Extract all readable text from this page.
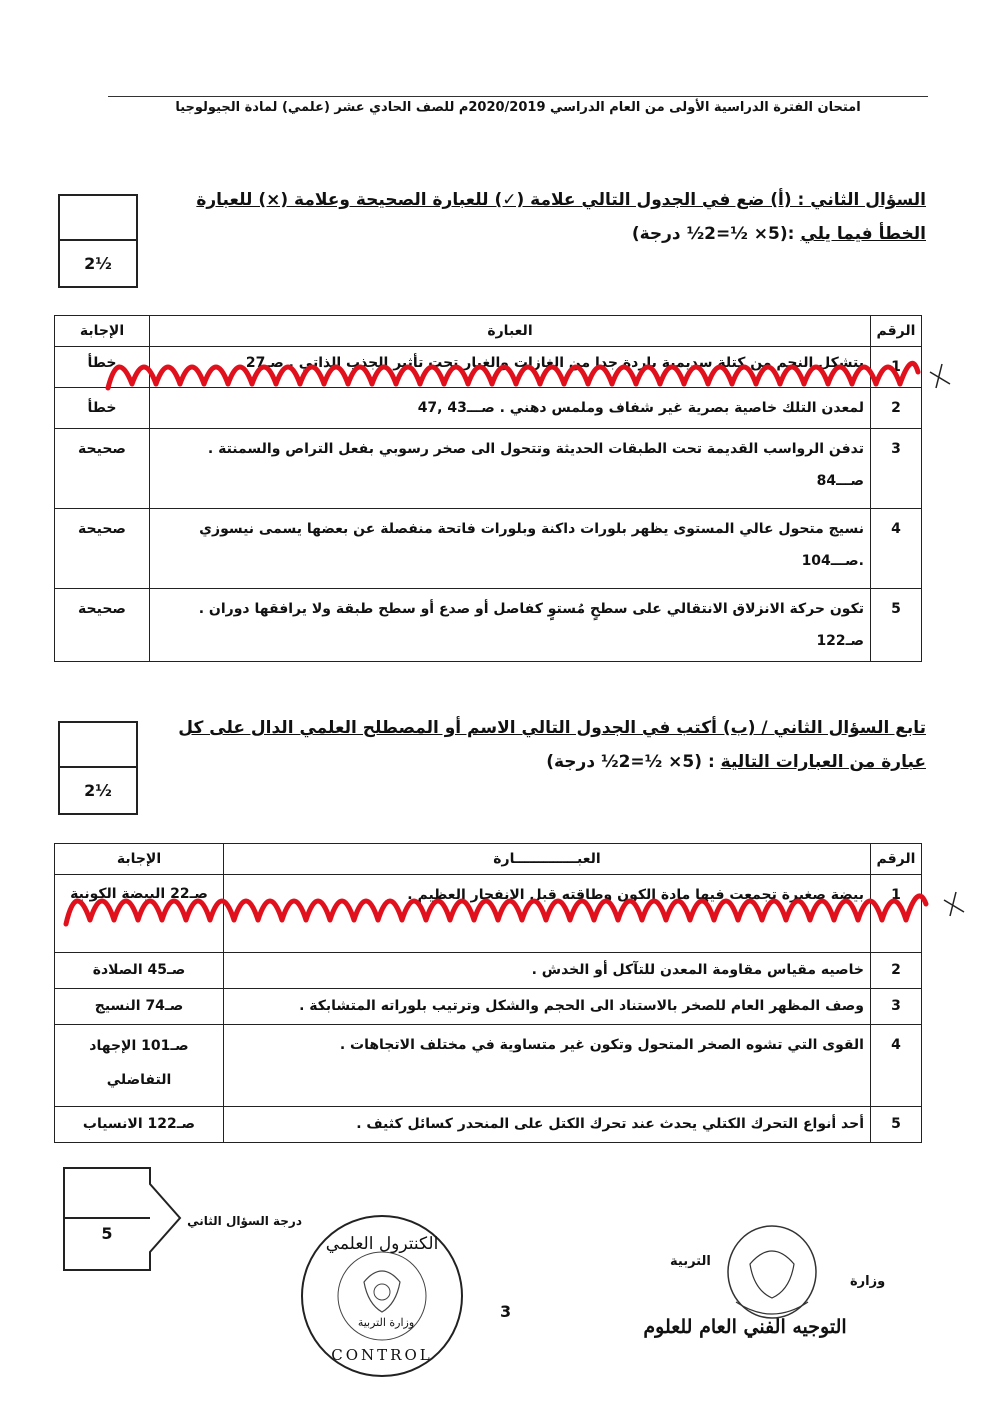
امتحان الفترة الدراسية الأولى من العام الدراسي 2020/2019م للصف الحادي عشر (علمي) لمادة الجيولوجيا
السؤال الثاني : (أ) ضع في الجدول التالي علامة (✓) للعبارة الصحيحة وعلامة (×) للعبارة
الخطأ فيما يلي :(5× ½=2½ درجة)
2½
الرقم	العبارة	الإجابة
1	يتشكل النجم من كتلة سديمية باردة جدا من الغازات والغبار تحت تأثير الجذب الذاتي . صـ27	خطأ
2	لمعدن التلك خاصية بصرية غير شفاف وملمس دهني . صـــ43 ,47	خطأ
3	تدفن الرواسب القديمة تحت الطبقات الحديثة وتتحول الى صخر رسوبي بفعل التراص والسمنتة . صـــ84	صحيحة
4	نسيج متحول عالي المستوى يظهر بلورات داكنة وبلورات فاتحة منفصلة عن بعضها يسمى نيسوزي .صـــ104	صحيحة
5	تكون حركة الانزلاق الانتقالي على سطحٍ مُستوٍ كفاصل أو صدع أو سطح طبقة ولا يرافقها دوران . صـ122	صحيحة
تابع السؤال الثاني / (ب) أكتب في الجدول التالي الاسم أو المصطلح العلمي الدال على كل
عبارة من العبارات التالية : (5× ½=2½ درجة)
2½
الرقم	العبـــــــــــــارة	الإجابة
1	بيضة صغيرة تجمعت فيها مادة الكون وطاقته قبل الانفجار العظيم .	صـ22 البيضة الكونية
2	خاصيه مقياس مقاومة المعدن للتآكل أو الخدش .	صـ45 الصلادة
3	وصف المظهر العام للصخر بالاستناد الى الحجم والشكل وترتيب بلوراته المتشابكة .	صـ74 النسيج
4	القوى التي تشوه الصخر المتحول وتكون غير متساوية في مختلف الاتجاهات .	صـ101 الإجهاد التفاضلي
5	أحد أنواع التحرك الكتلي يحدث عند تحرك الكتل على المنحدر كسائل كثيف .	صـ122 الانسياب
5
درجة السؤال الثاني
الكنترول العلمي
وزارة التربية
CONTROL
3
التربية
وزارة
التوجيه الفني العام للعلوم
